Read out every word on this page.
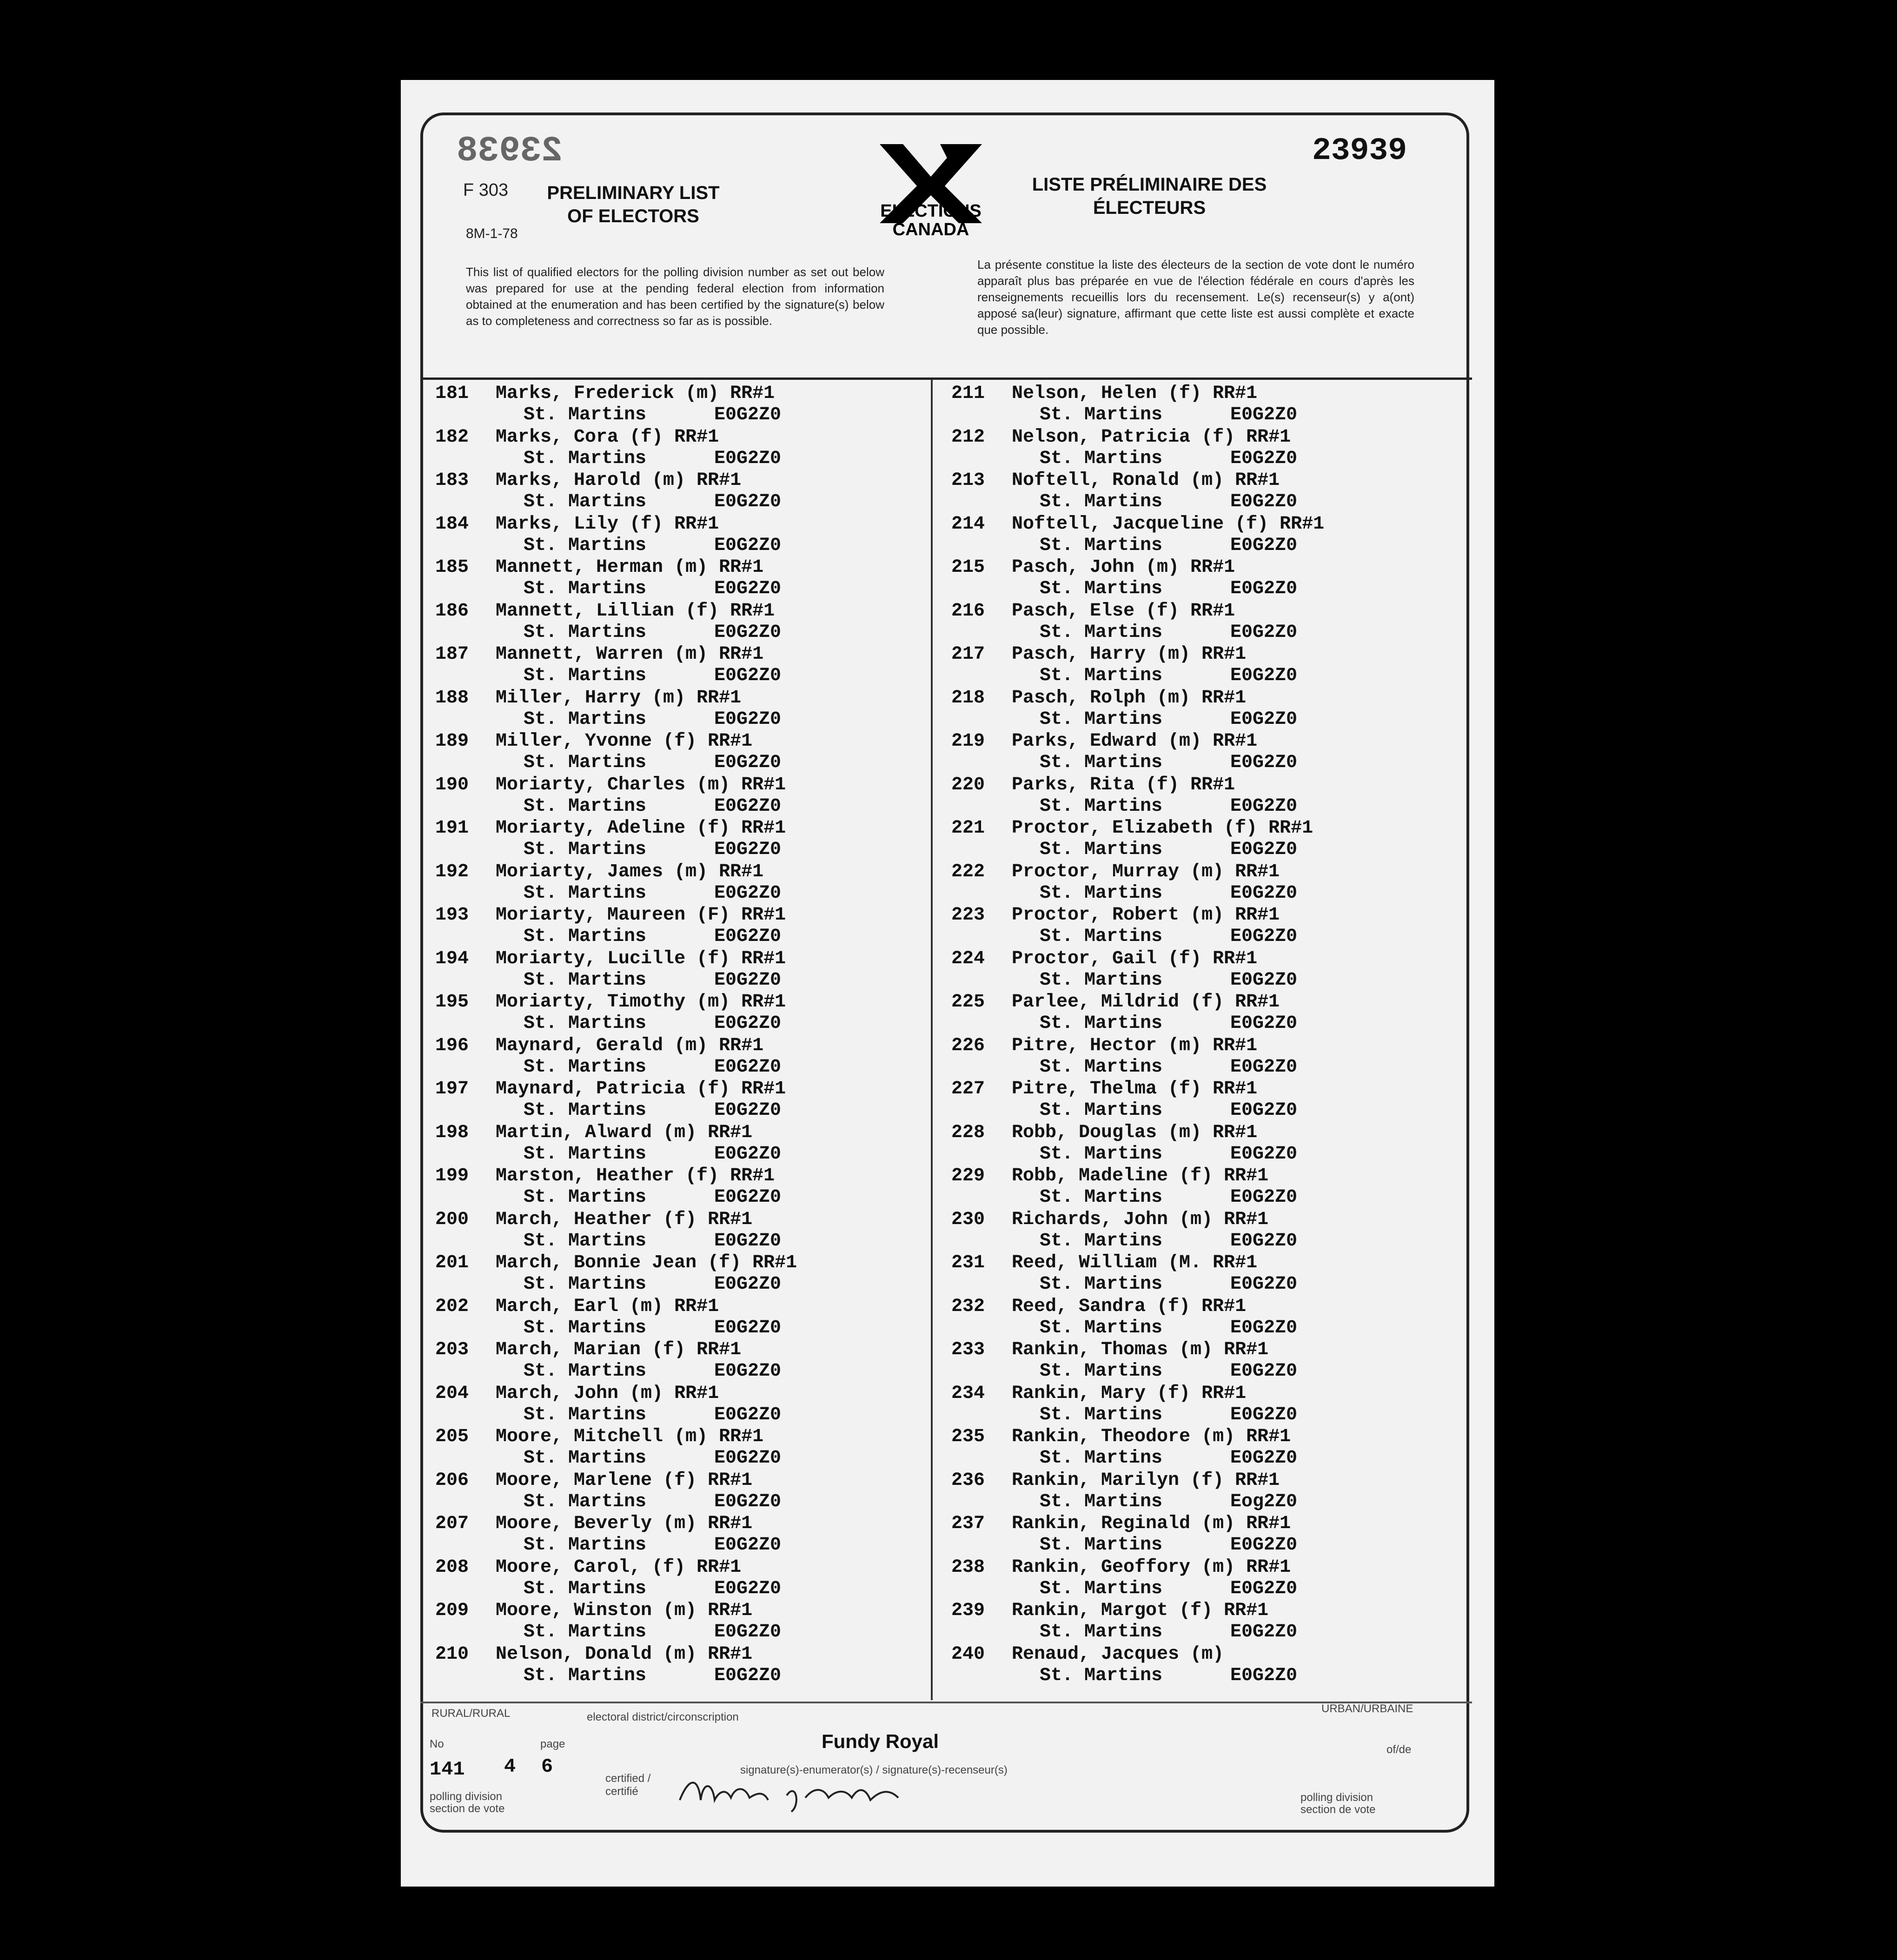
23938	23939
F 303
8M-1-78
PRELIMINARY LIST OF ELECTORS
LISTE PRÉLIMINAIRE DES ÉLECTEURS
ELECTIONS CANADA
This list of qualified electors for the polling division number as set out below was prepared for use at the pending federal election from information obtained at the enumeration and has been certified by the signature(s) below as to completeness and correctness so far as is possible.
La présente constitue la liste des électeurs de la section de vote dont le numéro apparaît plus bas préparée en vue de l'élection fédérale en cours d'après les renseignements recueillis lors du recensement. Le(s) recenseur(s) y a(ont) apposé sa(leur) signature, affirmant que cette liste est aussi complète et exacte que possible.
181 Marks, Frederick (m) RR#1
St. Martins	E0G2Z0
182 Marks, Cora (f) RR#1
St. Martins	E0G2Z0
183 Marks, Harold (m) RR#1
St. Martins	E0G2Z0
184 Marks, Lily (f) RR#1
St. Martins	E0G2Z0
185 Mannett, Herman (m) RR#1
St. Martins	E0G2Z0
186 Mannett, Lillian (f) RR#1
St. Martins	E0G2Z0
187 Mannett, Warren (m) RR#1
St. Martins	E0G2Z0
188 Miller, Harry (m) RR#1
St. Martins	E0G2Z0
189 Miller, Yvonne (f) RR#1
St. Martins	E0G2Z0
190 Moriarty, Charles (m) RR#1
St. Martins	E0G2Z0
191 Moriarty, Adeline (f) RR#1
St. Martins	E0G2Z0
192 Moriarty, James (m) RR#1
St. Martins	E0G2Z0
193 Moriarty, Maureen (F) RR#1
St. Martins	E0G2Z0
194 Moriarty, Lucille (f) RR#1
St. Martins	E0G2Z0
195 Moriarty, Timothy (m) RR#1
St. Martins	E0G2Z0
196 Maynard, Gerald (m) RR#1
St. Martins	E0G2Z0
197 Maynard, Patricia (f) RR#1
St. Martins	E0G2Z0
198 Martin, Alward (m) RR#1
St. Martins	E0G2Z0
199 Marston, Heather (f) RR#1
St. Martins	E0G2Z0
200 March, Heather (f) RR#1
St. Martins	E0G2Z0
201 March, Bonnie Jean (f) RR#1
St. Martins	E0G2Z0
202 March, Earl (m) RR#1
St. Martins	E0G2Z0
203 March, Marian (f) RR#1
St. Martins	E0G2Z0
204 March, John (m) RR#1
St. Martins	E0G2Z0
205 Moore, Mitchell (m) RR#1
St. Martins	E0G2Z0
206 Moore, Marlene (f) RR#1
St. Martins	E0G2Z0
207 Moore, Beverly (m) RR#1
St. Martins	E0G2Z0
208 Moore, Carol, (f) RR#1
St. Martins	E0G2Z0
209 Moore, Winston (m) RR#1
St. Martins	E0G2Z0
210 Nelson, Donald (m) RR#1
St. Martins	E0G2Z0
211 Nelson, Helen (f) RR#1
St. Martins	E0G2Z0
212 Nelson, Patricia (f) RR#1
St. Martins	E0G2Z0
213 Noftell, Ronald (m) RR#1
St. Martins	E0G2Z0
214 Noftell, Jacqueline (f) RR#1
St. Martins	E0G2Z0
215 Pasch, John (m) RR#1
St. Martins	E0G2Z0
216 Pasch, Else (f) RR#1
St. Martins	E0G2Z0
217 Pasch, Harry (m) RR#1
St. Martins	E0G2Z0
218 Pasch, Rolph (m) RR#1
St. Martins	E0G2Z0
219 Parks, Edward (m) RR#1
St. Martins	E0G2Z0
220 Parks, Rita (f) RR#1
St. Martins	E0G2Z0
221 Proctor, Elizabeth (f) RR#1
St. Martins	E0G2Z0
222 Proctor, Murray (m) RR#1
St. Martins	E0G2Z0
223 Proctor, Robert (m) RR#1
St. Martins	E0G2Z0
224 Proctor, Gail (f) RR#1
St. Martins	E0G2Z0
225 Parlee, Mildrid (f) RR#1
St. Martins	E0G2Z0
226 Pitre, Hector (m) RR#1
St. Martins	E0G2Z0
227 Pitre, Thelma (f) RR#1
St. Martins	E0G2Z0
228 Robb, Douglas (m) RR#1
St. Martins	E0G2Z0
229 Robb, Madeline (f) RR#1
St. Martins	E0G2Z0
230 Richards, John (m) RR#1
St. Martins	E0G2Z0
231 Reed, William (M. RR#1
St. Martins	E0G2Z0
232 Reed, Sandra (f) RR#1
St. Martins	E0G2Z0
233 Rankin, Thomas (m) RR#1
St. Martins	E0G2Z0
234 Rankin, Mary (f) RR#1
St. Martins	E0G2Z0
235 Rankin, Theodore (m) RR#1
St. Martins	E0G2Z0
236 Rankin, Marilyn (f) RR#1
St. Martins	Eog2Z0
237 Rankin, Reginald (m) RR#1
St. Martins	E0G2Z0
238 Rankin, Geoffory (m) RR#1
St. Martins	E0G2Z0
239 Rankin, Margot (f) RR#1
St. Martins	E0G2Z0
240 Renaud, Jacques (m)
St. Martins	E0G2Z0
RURAL/RURAL	electoral district/circonscription
URBAN/URBAINE
Fundy Royal
No	page	of/de
141 4 6
certified / certifié
signature(s)-enumerator(s) / signature(s)-recenseur(s)
polling division section de vote
polling division section de vote
